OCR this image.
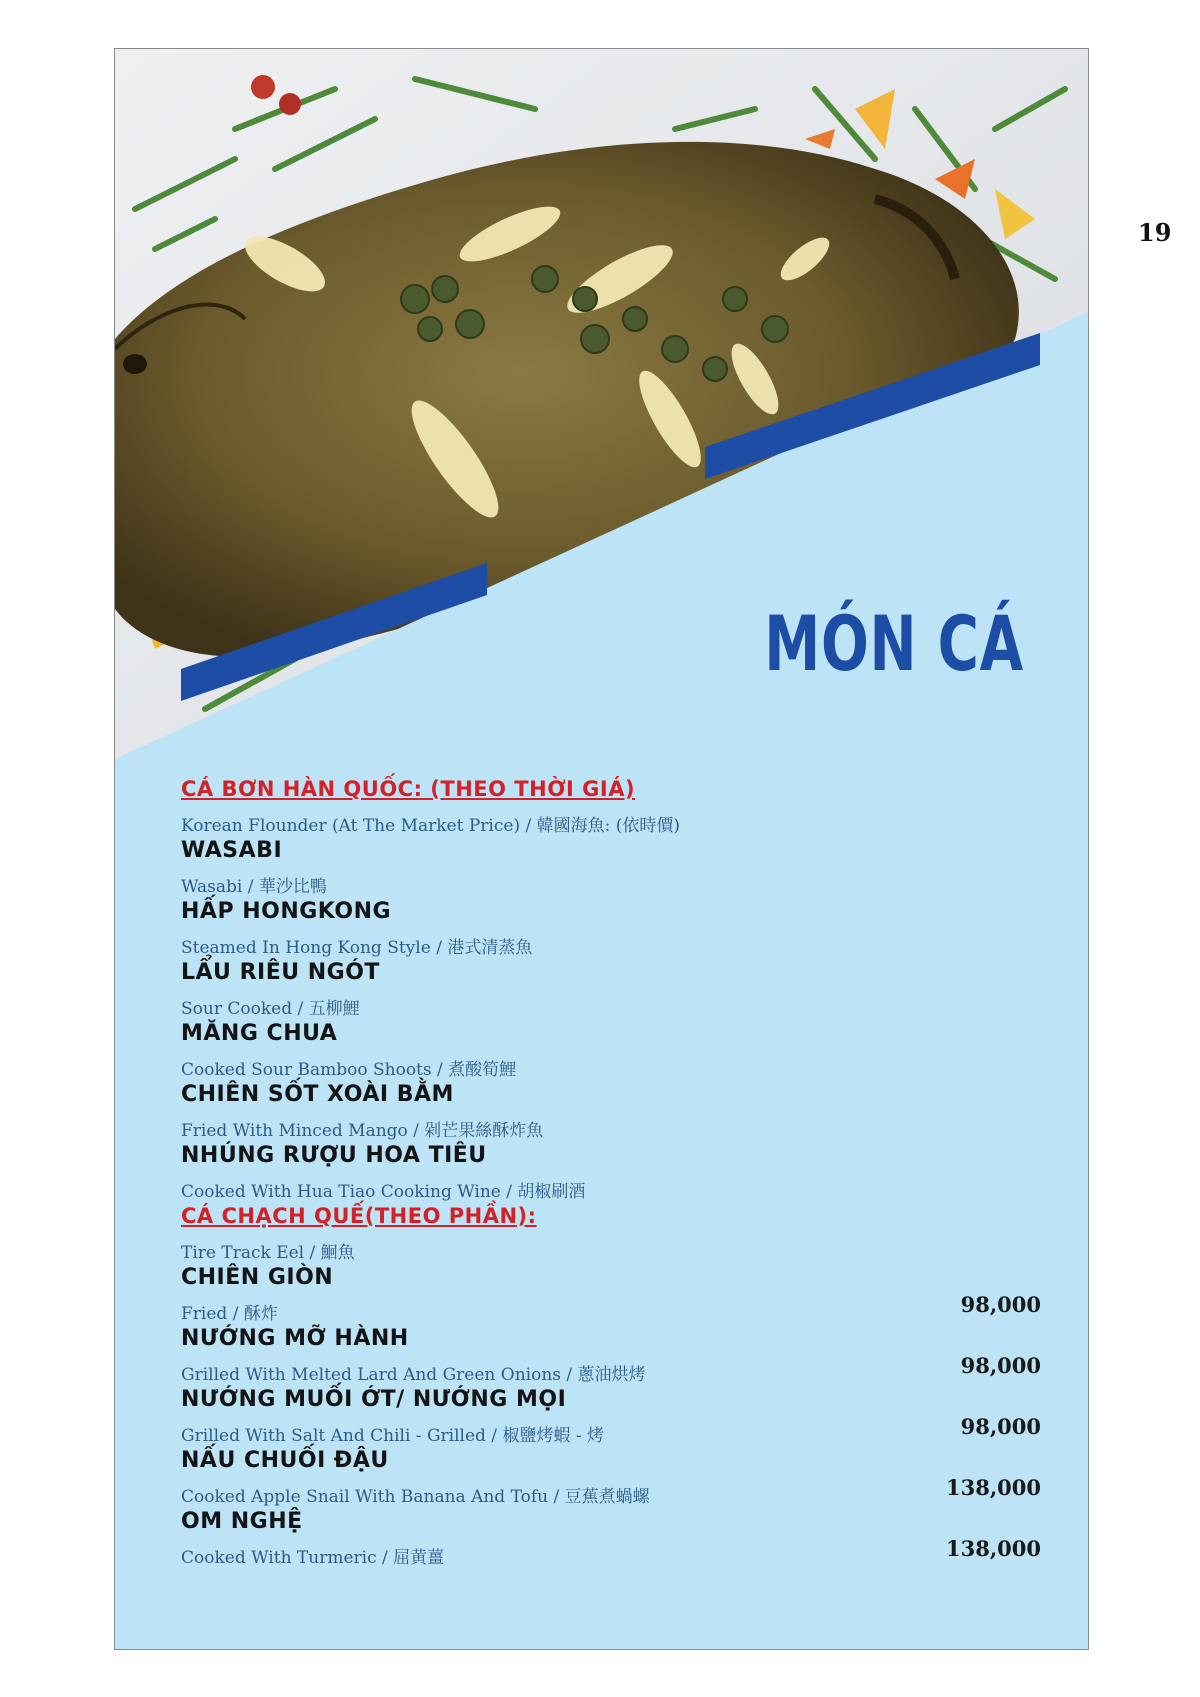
19
MÓN CÁ
CÁ BƠN HÀN QUỐC: (THEO THỜI GIÁ)
Korean Flounder (At The Market Price) / 韓國海魚: (依時價)
WASABI
Wasabi / 華沙比鴨
HẤP HONGKONG
Steamed In Hong Kong Style / 港式清蒸魚
LẨU RIÊU NGÓT
Sour Cooked / 五柳鯉
MĂNG CHUA
Cooked Sour Bamboo Shoots / 煮酸筍鯉
CHIÊN SỐT XOÀI BẰM
Fried With Minced Mango / 剁芒果絲酥炸魚
NHÚNG RƯỢU HOA TIÊU
Cooked With Hua Tiao Cooking Wine / 胡椒刷酒
CÁ CHẠCH QUẾ(THEO PHẦN):
Tire Track Eel / 鮰魚
CHIÊN GIÒN
Fried / 酥炸	98,000
NƯỚNG MỠ HÀNH
Grilled With Melted Lard And Green Onions / 蔥油烘烤	98,000
NƯỚNG MUỐI ỚT/ NƯỚNG MỌI
Grilled With Salt And Chili - Grilled / 椒鹽烤蝦 - 烤	98,000
NẤU CHUỐI ĐẬU
Cooked Apple Snail With Banana And Tofu / 豆蕉煮蝸螺	138,000
OM NGHỆ
Cooked With Turmeric / 屈黄薑	138,000
